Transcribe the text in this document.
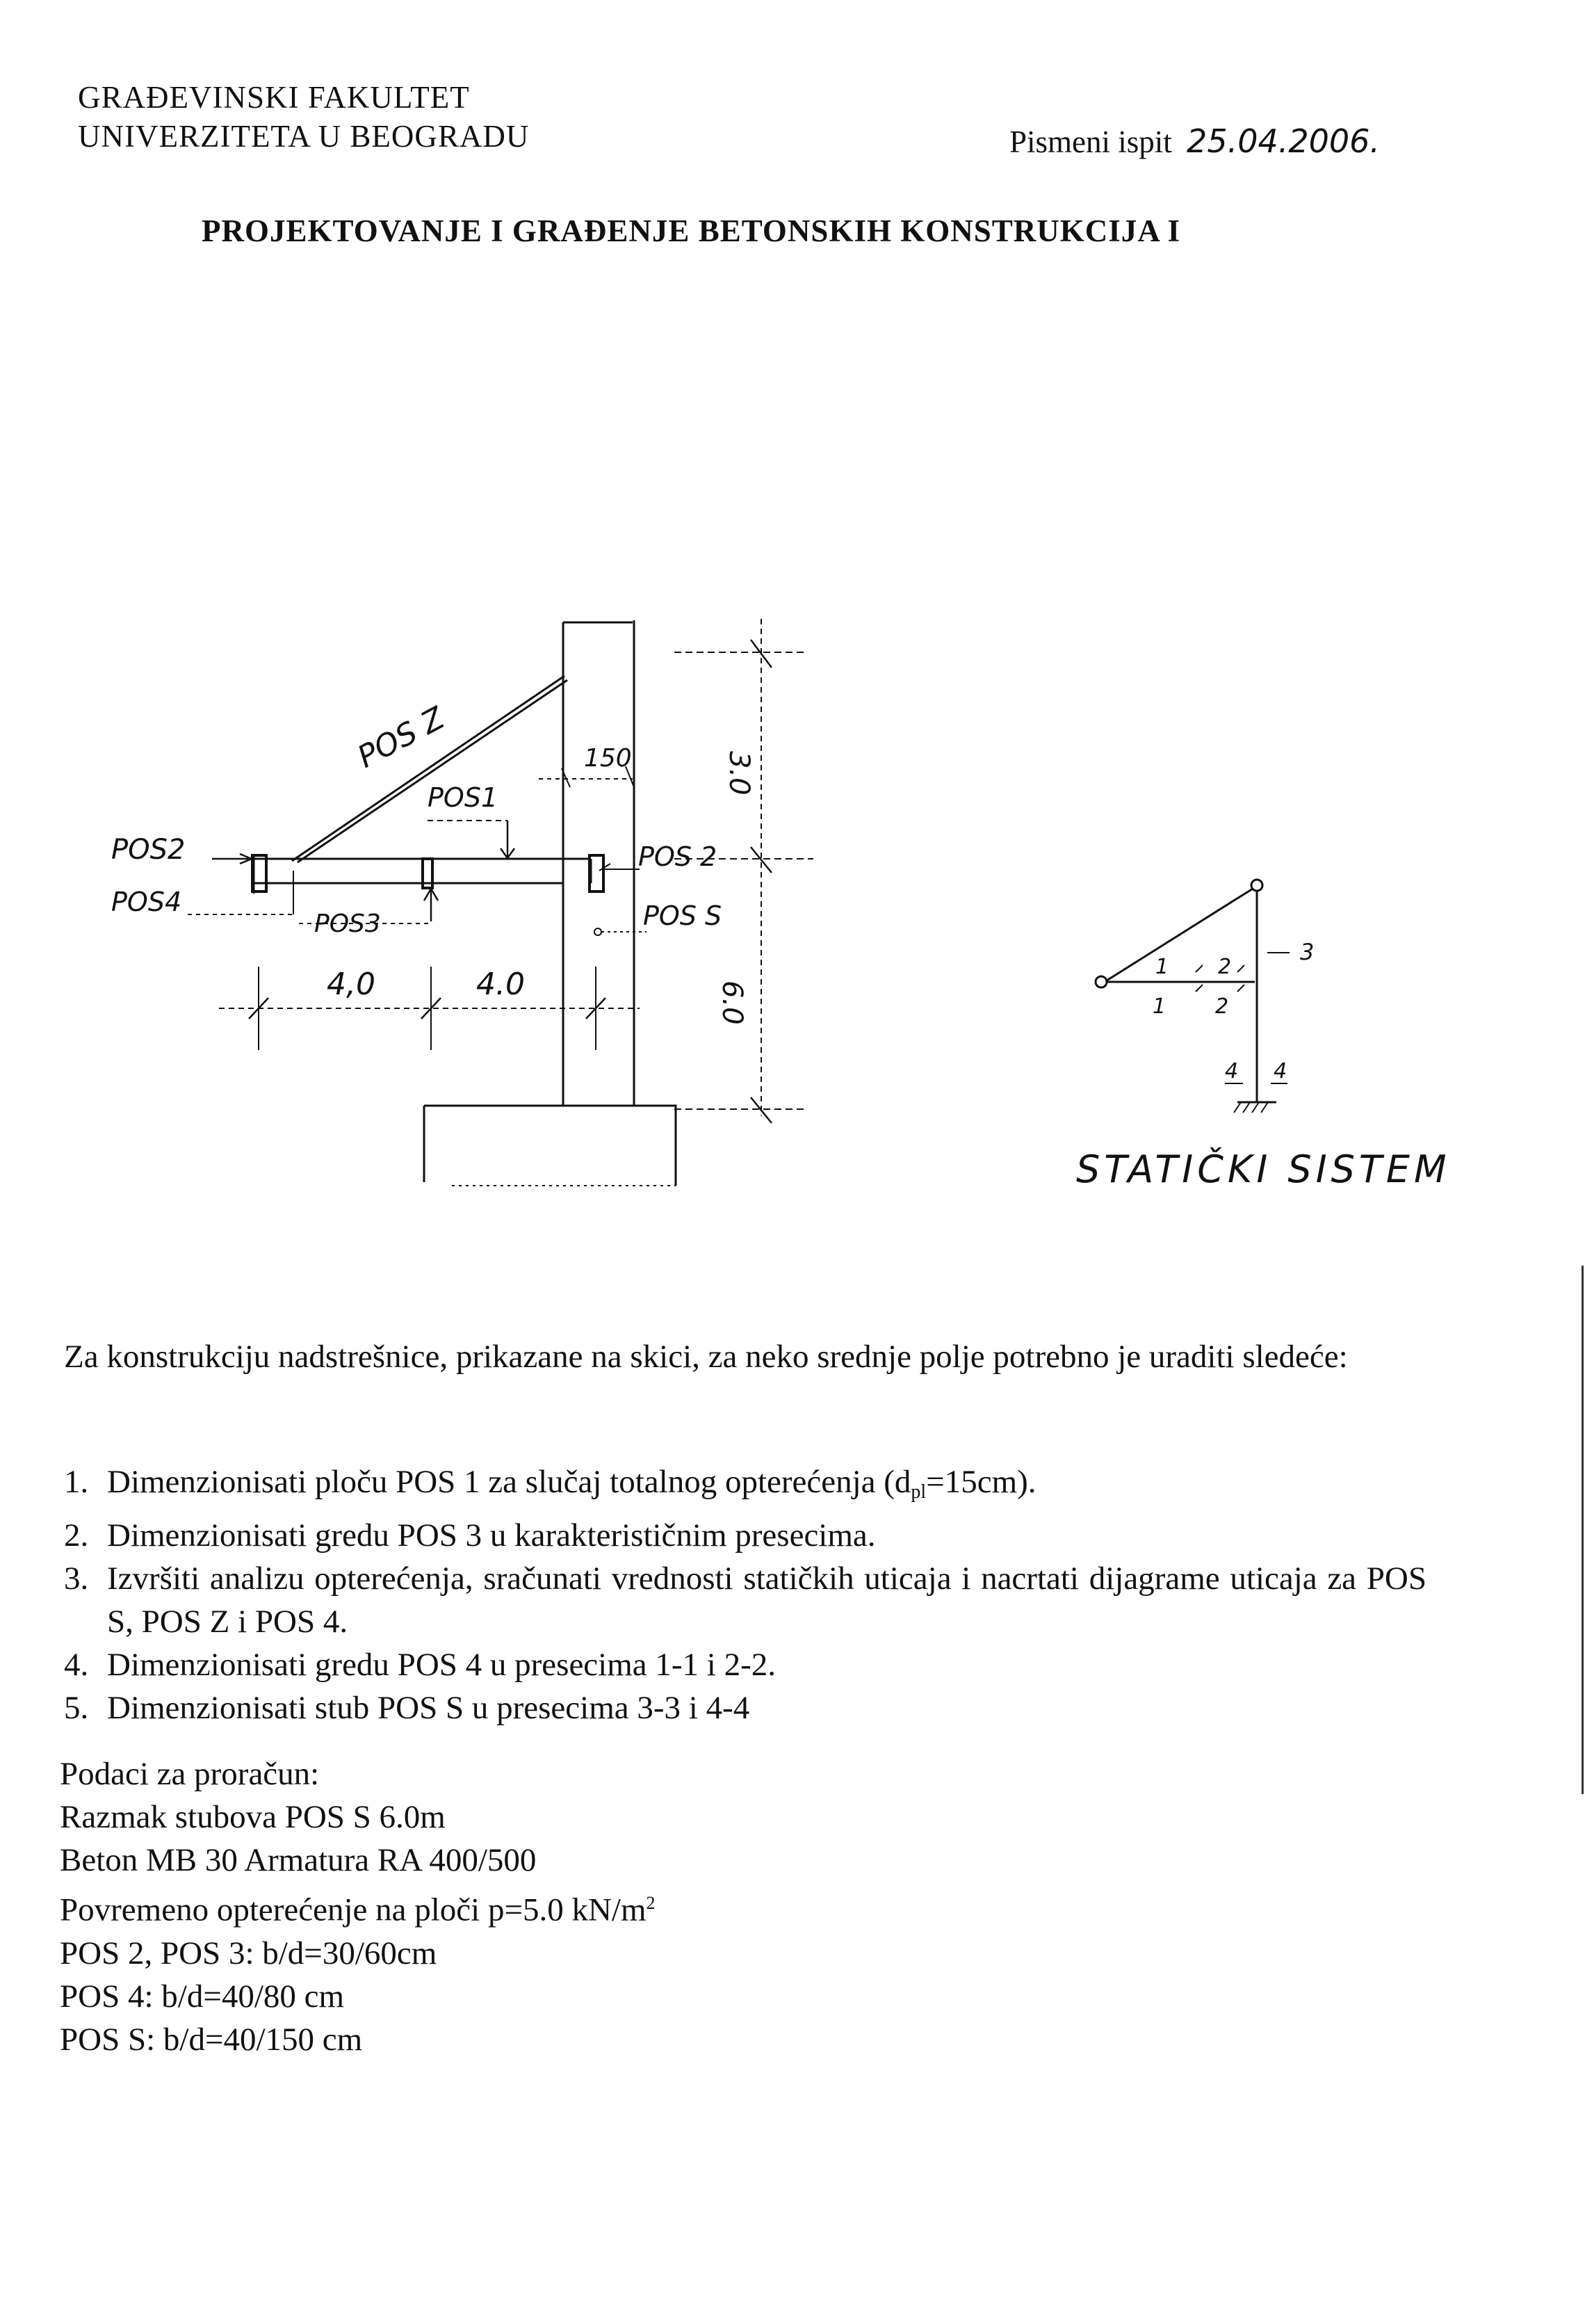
GRAĐEVINSKI FAKULTET
UNIVERZITETA U BEOGRADU	Pismeni ispit 25.04.2006.
PROJEKTOVANJE I GRAĐENJE BETONSKIH KONSTRUKCIJA I
POS Z
POS1
POS2
POS4
POS3
POS 2
POS S
150
4,0	4.0
3.0
6.0
1
1
2
2
3
4 4
STATIČKI SISTEM
Za konstrukciju nadstrešnice, prikazane na skici, za neko srednje polje potrebno je uraditi sledeće:
1. Dimenzionisati ploču POS 1 za slučaj totalnog opterećenja (dpl=15cm).
2. Dimenzionisati gredu POS 3 u karakterističnim presecima.
3. Izvršiti analizu opterećenja, sračunati vrednosti statičkih uticaja i nacrtati dijagrame uticaja za POS S, POS Z i POS 4.
4. Dimenzionisati gredu POS 4 u presecima 1-1 i 2-2.
5. Dimenzionisati stub POS S u presecima 3-3 i 4-4
Podaci za proračun:
Razmak stubova POS S 6.0m
Beton MB 30 Armatura RA 400/500
Povremeno opterećenje na ploči p=5.0 $kN/m^2$
POS 2, POS 3: b/d=30/60cm
POS 4: b/d=40/80 cm
POS S: b/d=40/150 cm
